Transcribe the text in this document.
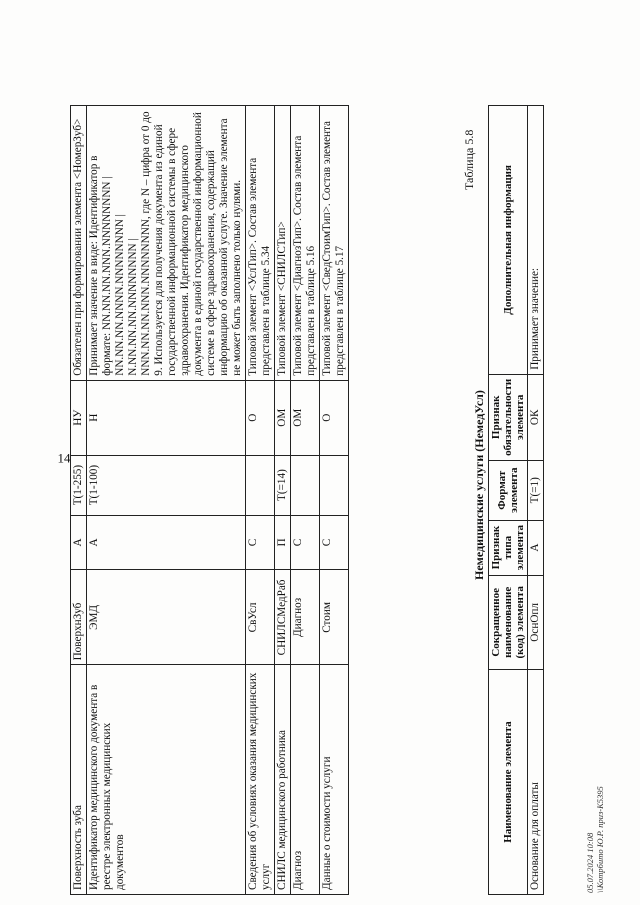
14
Поверхность зуба	ПоверхнЗуб	А	T(1-255)	НУ	Обязателен при формировании элемента <НомерЗуб>
Идентификатор медицинского документа в реестре электронных медицинских документов	ЭМД	А	T(1-100)	Н	Принимает значение в виде: Идентификатор в формате: NN.NN.NN.NNN.NNNNNNNN | NN.NN.NN.NNNN.NNNNNNNN | N.NN.NN.NN.NNNNNNNN | NNN.NN.NN.NNN.NNNNNNNN, где N – цифра от 0 до 9. Используется для получения документа из единой государственной информационной системы в сфере здравоохранения. Идентификатор медицинского документа в единой государственной информационной системе в сфере здравоохранения, содержащий информацию об оказанной услуге. Значение элемента не может быть заполнено только нулями.
Сведения об условиях оказания медицинских услуг	СвУсл	С		О	Типовой элемент <УслТип>. Состав элемента представлен в таблице 5.34
СНИЛС медицинского работника	СНИЛСМедРаб	П	T(=14)	ОМ	Типовой элемент <СНИЛСТип>
Диагноз	Диагноз	С		ОМ	Типовой элемент <ДиагнозТип>. Состав элемента представлен в таблице 5.16
Данные о стоимости услуги	Стоим	С		О	Типовой элемент <СведСтоимТип>. Состав элемента представлен в таблице 5.17
Таблица 5.8
Немедицинские услуги (НемедУсл)
Наименование элемента	Сокращенное наименование (код) элемента	Признак типа элемента	Формат элемента	Признак обязательности элемента	Дополнительная информация
Основание для оплаты	ОснОпл	А	T(=1)	ОК	Принимает значение:
05.07.2024 10:08 \\Котрбито Ю.Р. приз-К5395
